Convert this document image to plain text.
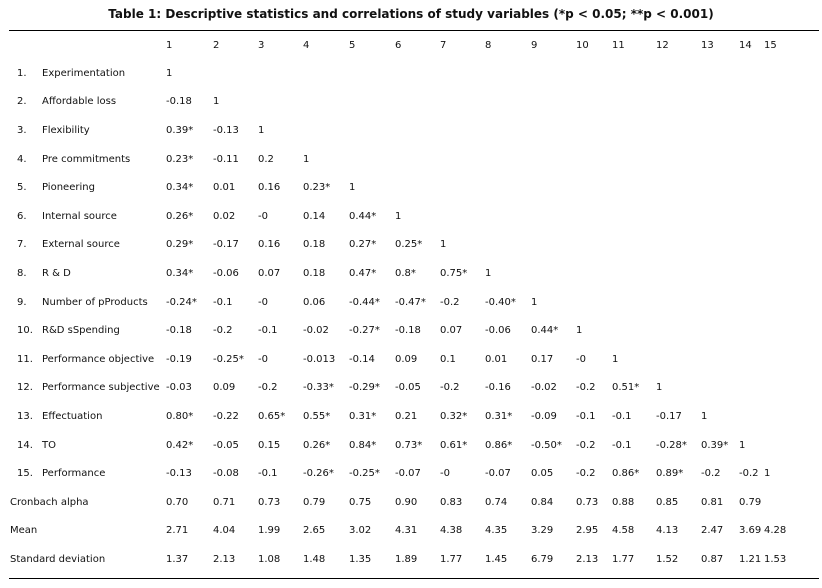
Table 1: Descriptive statistics and correlations of study variables (*p < 0.05; **p < 0.001)
	1	2	3	4	5	6	7	8	9	10	11	12	13	14	15
1. Experimentation	1														
2. Affordable loss	-0.18	1													
3. Flexibility	0.39*	-0.13	1												
4. Pre commitments	0.23*	-0.11	0.2	1											
5. Pioneering	0.34*	0.01	0.16	0.23*	1										
6. Internal source	0.26*	0.02	-0	0.14	0.44*	1									
7. External source	0.29*	-0.17	0.16	0.18	0.27*	0.25*	1								
8. R & D	0.34*	-0.06	0.07	0.18	0.47*	0.8*	0.75*	1							
9. Number of pProducts	-0.24*	-0.1	-0	0.06	-0.44*	-0.47*	-0.2	-0.40*	1						
10. R&D sSpending	-0.18	-0.2	-0.1	-0.02	-0.27*	-0.18	0.07	-0.06	0.44*	1					
11. Performance objective	-0.19	-0.25*	-0	-0.013	-0.14	0.09	0.1	0.01	0.17	-0	1				
12. Performance subjective	-0.03	0.09	-0.2	-0.33*	-0.29*	-0.05	-0.2	-0.16	-0.02	-0.2	0.51*	1			
13. Effectuation	0.80*	-0.22	0.65*	0.55*	0.31*	0.21	0.32*	0.31*	-0.09	-0.1	-0.1	-0.17	1		
14. TO	0.42*	-0.05	0.15	0.26*	0.84*	0.73*	0.61*	0.86*	-0.50*	-0.2	-0.1	-0.28*	0.39*	1	
15. Performance	-0.13	-0.08	-0.1	-0.26*	-0.25*	-0.07	-0	-0.07	0.05	-0.2	0.86*	0.89*	-0.2	-0.2	1
Cronbach alpha	0.70	0.71	0.73	0.79	0.75	0.90	0.83	0.74	0.84	0.73	0.88	0.85	0.81	0.79	
Mean	2.71	4.04	1.99	2.65	3.02	4.31	4.38	4.35	3.29	2.95	4.58	4.13	2.47	3.69	4.28
Standard deviation	1.37	2.13	1.08	1.48	1.35	1.89	1.77	1.45	6.79	2.13	1.77	1.52	0.87	1.21	1.53
